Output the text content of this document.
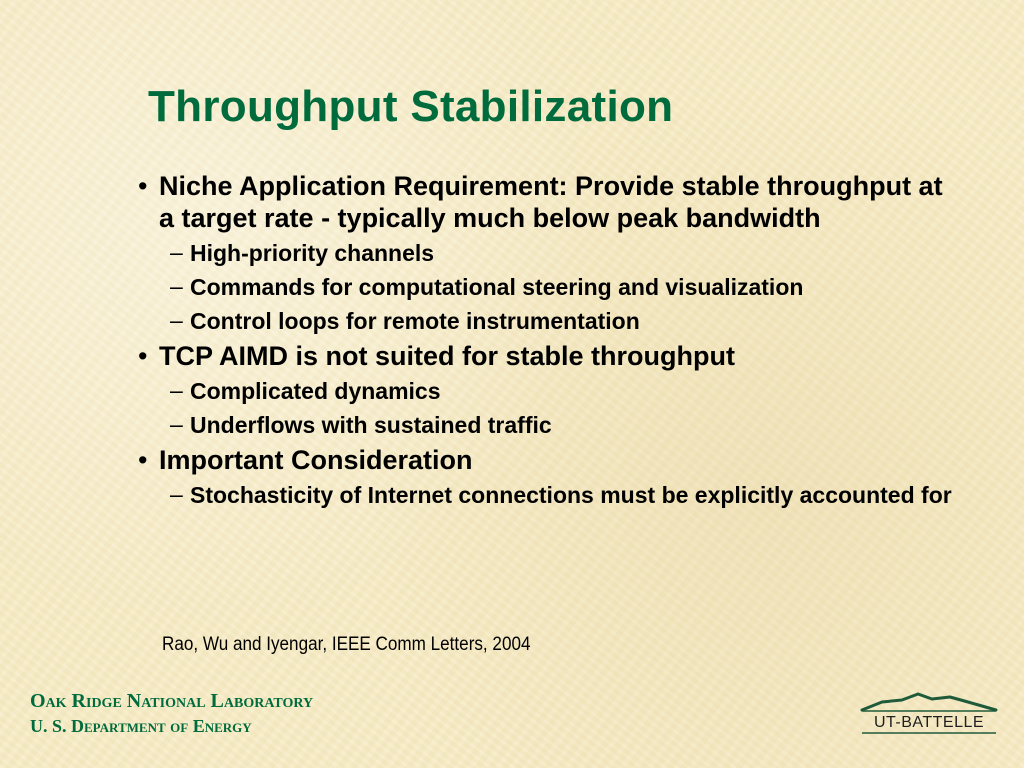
Throughput Stabilization
• Niche Application Requirement: Provide stable throughput at a target rate - typically much below peak bandwidth
– High-priority channels
– Commands for computational steering and visualization
– Control loops for remote instrumentation
• TCP AIMD is not suited for stable throughput
– Complicated dynamics
– Underflows with sustained traffic
• Important Consideration
– Stochasticity of Internet connections must be explicitly accounted for
Rao, Wu and Iyengar, IEEE Comm Letters, 2004
Oak Ridge National Laboratory
U. S. Department of Energy	UT-BATTELLE
